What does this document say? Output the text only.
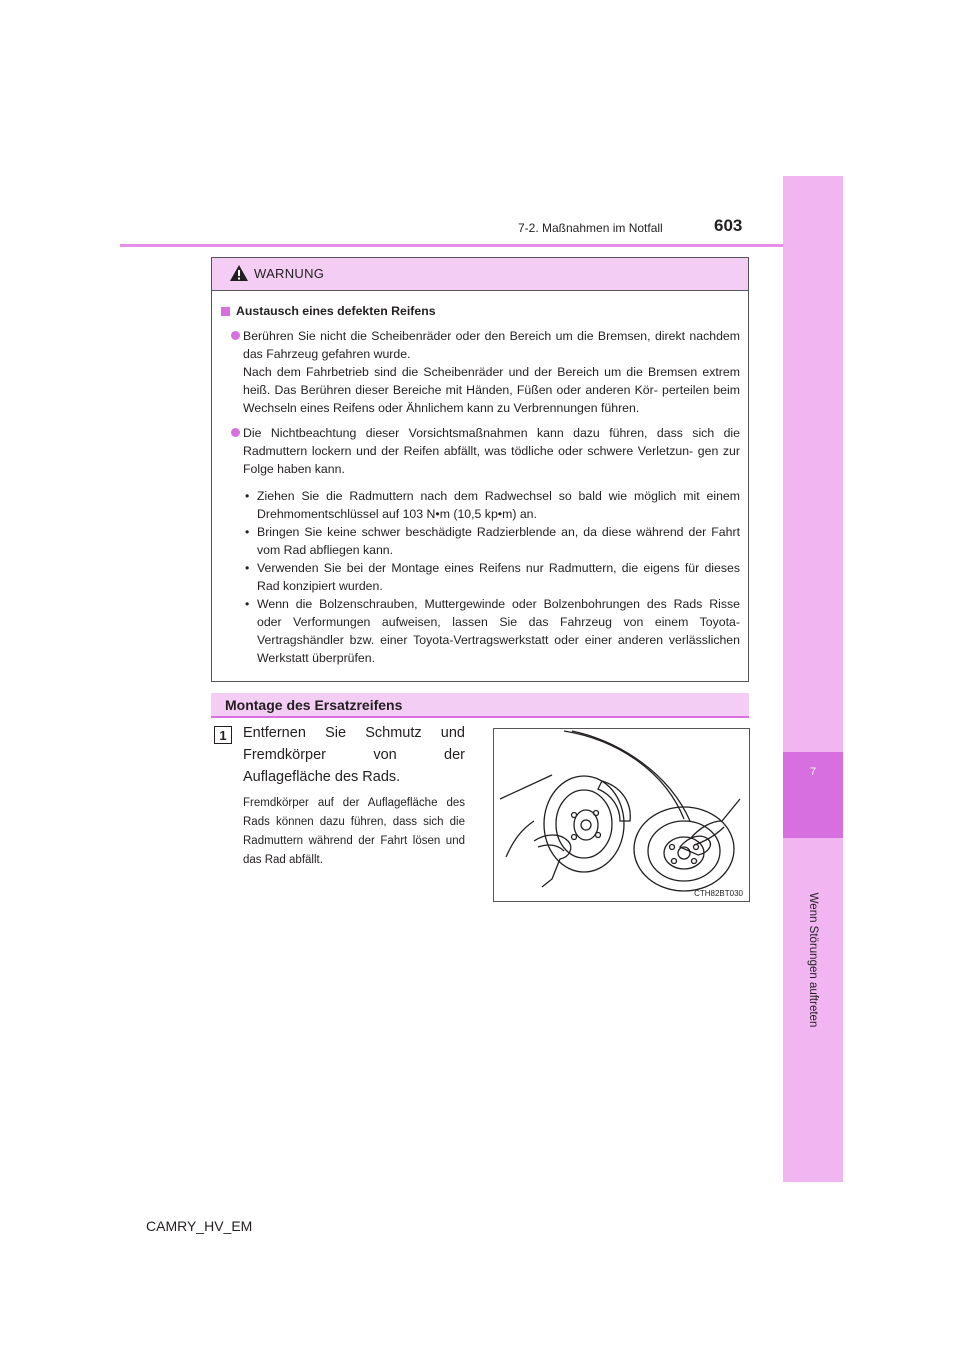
7
Wenn Störungen auftreten
7-2. Maßnahmen im Notfall	603
WARNUNG
Austausch eines defekten Reifens
Berühren Sie nicht die Scheibenräder oder den Bereich um die Bremsen, direkt nachdem das Fahrzeug gefahren wurde.
Nach dem Fahrbetrieb sind die Scheibenräder und der Bereich um die Bremsen extrem heiß. Das Berühren dieser Bereiche mit Händen, Füßen oder anderen Kör- perteilen beim Wechseln eines Reifens oder Ähnlichem kann zu Verbrennungen führen.
Die Nichtbeachtung dieser Vorsichtsmaßnahmen kann dazu führen, dass sich die Radmuttern lockern und der Reifen abfällt, was tödliche oder schwere Verletzun- gen zur Folge haben kann.
• Ziehen Sie die Radmuttern nach dem Radwechsel so bald wie möglich mit einem Drehmomentschlüssel auf 103 N•m (10,5 kp•m) an.
• Bringen Sie keine schwer beschädigte Radzierblende an, da diese während der Fahrt vom Rad abfliegen kann.
• Verwenden Sie bei der Montage eines Reifens nur Radmuttern, die eigens für dieses Rad konzipiert wurden.
• Wenn die Bolzenschrauben, Muttergewinde oder Bolzenbohrungen des Rads Risse oder Verformungen aufweisen, lassen Sie das Fahrzeug von einem Toyota-Vertragshändler bzw. einer Toyota-Vertragswerkstatt oder einer anderen verlässlichen Werkstatt überprüfen.
Montage des Ersatzreifens
1	Entfernen Sie Schmutz und Fremdkörper von der Auflagefläche des Rads.
Fremdkörper auf der Auflagefläche des Rads können dazu führen, dass sich die Radmuttern während der Fahrt lösen und das Rad abfällt.
CTH82BT030
CAMRY_HV_EM
